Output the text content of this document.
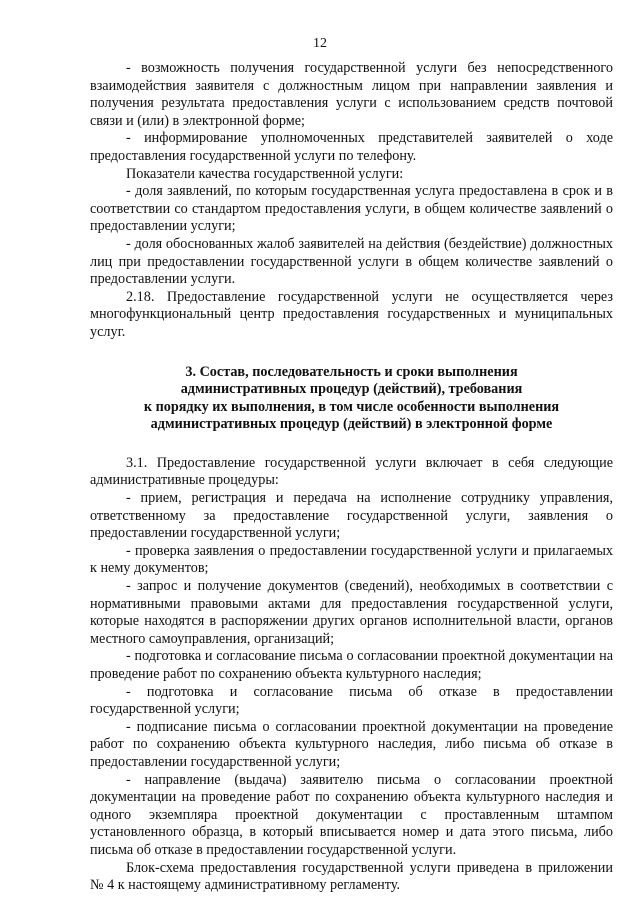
12

- возможность получения государственной услуги без непосредственного взаимодействия заявителя с должностным лицом при направлении заявления и получения результата предоставления услуги с использованием средств почтовой связи и (или) в электронной форме;

- информирование уполномоченных представителей заявителей о ходе предоставления государственной услуги по телефону.

Показатели качества государственной услуги:

- доля заявлений, по которым государственная услуга предоставлена в срок и в соответствии со стандартом предоставления услуги, в общем количестве заявлений о предоставлении услуги;

- доля обоснованных жалоб заявителей на действия (бездействие) должностных лиц при предоставлении государственной услуги в общем количестве заявлений о предоставлении услуги.

2.18. Предоставление государственной услуги не осуществляется через многофункциональный центр предоставления государственных и муниципальных услуг.

3. Состав, последовательность и сроки выполнения
административных процедур (действий), требования
к порядку их выполнения, в том числе особенности выполнения
административных процедур (действий) в электронной форме

3.1. Предоставление государственной услуги включает в себя следующие административные процедуры:

- прием, регистрация и передача на исполнение сотруднику управления, ответственному за предоставление государственной услуги, заявления о предоставлении государственной услуги;

- проверка заявления о предоставлении государственной услуги и прилагаемых к нему документов;

- запрос и получение документов (сведений), необходимых в соответствии с нормативными правовыми актами для предоставления государственной услуги, которые находятся в распоряжении других органов исполнительной власти, органов местного самоуправления, организаций;

- подготовка и согласование письма о согласовании проектной документации на проведение работ по сохранению объекта культурного наследия;

- подготовка и согласование письма об отказе в предоставлении государственной услуги;

- подписание письма о согласовании проектной документации на проведение работ по сохранению объекта культурного наследия, либо письма об отказе в предоставлении государственной услуги;

- направление (выдача) заявителю письма о согласовании проектной документации на проведение работ по сохранению объекта культурного наследия и одного экземпляра проектной документации с проставленным штампом установленного образца, в который вписывается номер и дата этого письма, либо письма об отказе в предоставлении государственной услуги.

Блок-схема предоставления государственной услуги приведена в приложении № 4 к настоящему административному регламенту.
